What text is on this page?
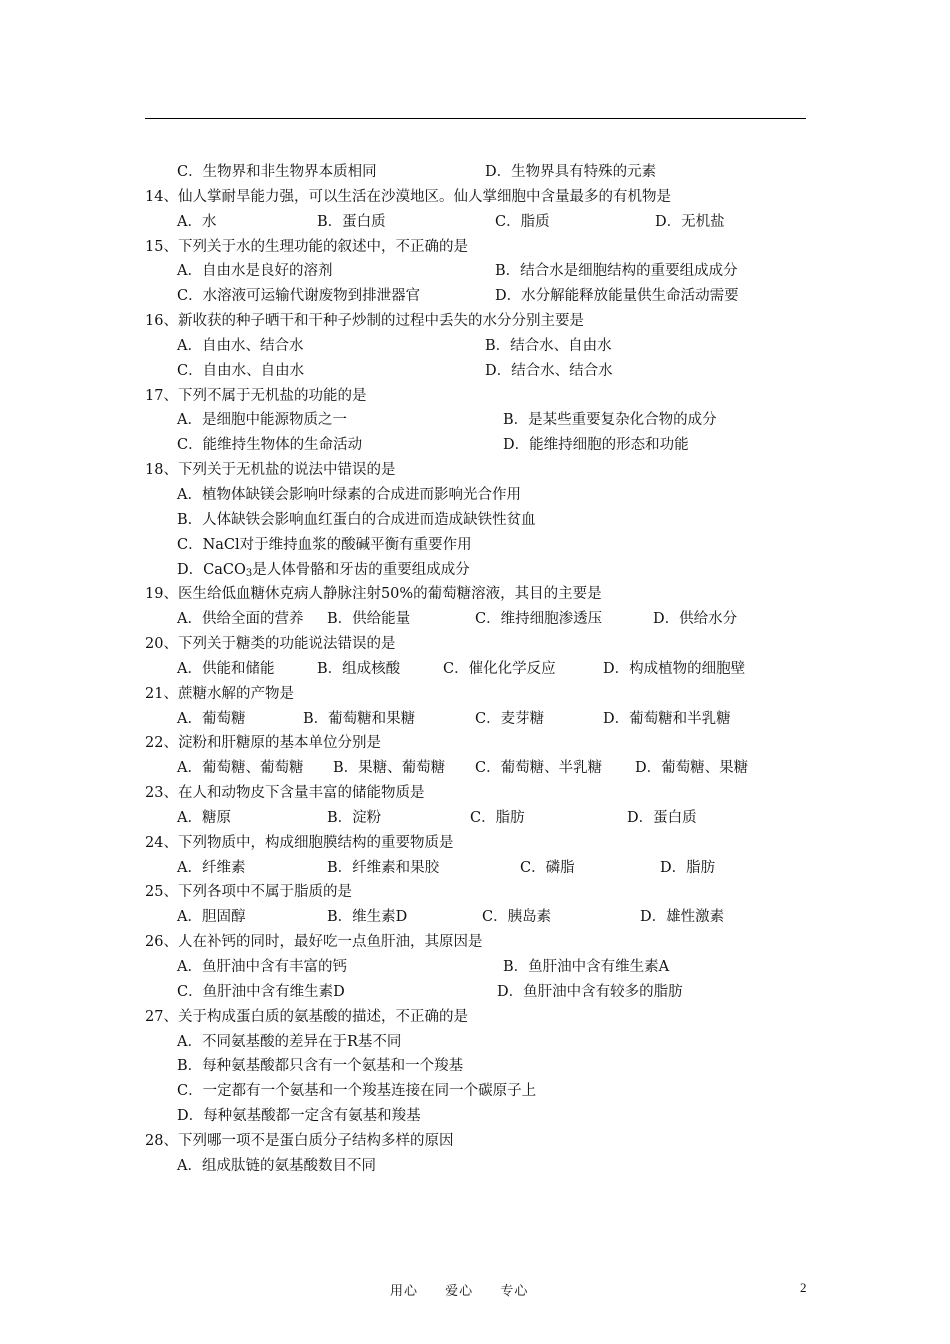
C．生物界和非生物界本质相同	D．生物界具有特殊的元素
14、仙人掌耐旱能力强，可以生活在沙漠地区。仙人掌细胞中含量最多的有机物是
A．水	B．蛋白质	C．脂质	D．无机盐
15、下列关于水的生理功能的叙述中，不正确的是
A．自由水是良好的溶剂	B．结合水是细胞结构的重要组成成分
C．水溶液可运输代谢废物到排泄器官	D．水分解能释放能量供生命活动需要
16、新收获的种子晒干和干种子炒制的过程中丢失的水分分别主要是
A．自由水、结合水	B．结合水、自由水
C．自由水、自由水	D．结合水、结合水
17、下列不属于无机盐的功能的是
A．是细胞中能源物质之一	B．是某些重要复杂化合物的成分
C．能维持生物体的生命活动	D．能维持细胞的形态和功能
18、下列关于无机盐的说法中错误的是
A．植物体缺镁会影响叶绿素的合成进而影响光合作用
B．人体缺铁会影响血红蛋白的合成进而造成缺铁性贫血
C．NaCl对于维持血浆的酸碱平衡有重要作用
D．CaCO$_3$是人体骨骼和牙齿的重要组成成分
19、医生给低血糖休克病人静脉注射50%的葡萄糖溶液，其目的主要是
A．供给全面的营养 B．供给能量	C．维持细胞渗透压	D．供给水分
20、下列关于糖类的功能说法错误的是
A．供能和储能	B．组成核酸	C．催化化学反应	D．构成植物的细胞壁
21、蔗糖水解的产物是
A．葡萄糖	B．葡萄糖和果糖	C．麦芽糖	D．葡萄糖和半乳糖
22、淀粉和肝糖原的基本单位分别是
A．葡萄糖、葡萄糖 B．果糖、葡萄糖 C．葡萄糖、半乳糖 D．葡萄糖、果糖
23、在人和动物皮下含量丰富的储能物质是
A．糖原	B．淀粉	C．脂肪	D．蛋白质
24、下列物质中，构成细胞膜结构的重要物质是
A．纤维素	B．纤维素和果胶	C．磷脂	D．脂肪
25、下列各项中不属于脂质的是
A．胆固醇	B．维生素D	C．胰岛素	D．雄性激素
26、人在补钙的同时，最好吃一点鱼肝油，其原因是
A．鱼肝油中含有丰富的钙	B．鱼肝油中含有维生素A
C．鱼肝油中含有维生素D	D．鱼肝油中含有较多的脂肪
27、关于构成蛋白质的氨基酸的描述，不正确的是
A．不同氨基酸的差异在于R基不同
B．每种氨基酸都只含有一个氨基和一个羧基
C．一定都有一个氨基和一个羧基连接在同一个碳原子上
D．每种氨基酸都一定含有氨基和羧基
28、下列哪一项不是蛋白质分子结构多样的原因
A．组成肽链的氨基酸数目不同
用心 爱心 专心	2
